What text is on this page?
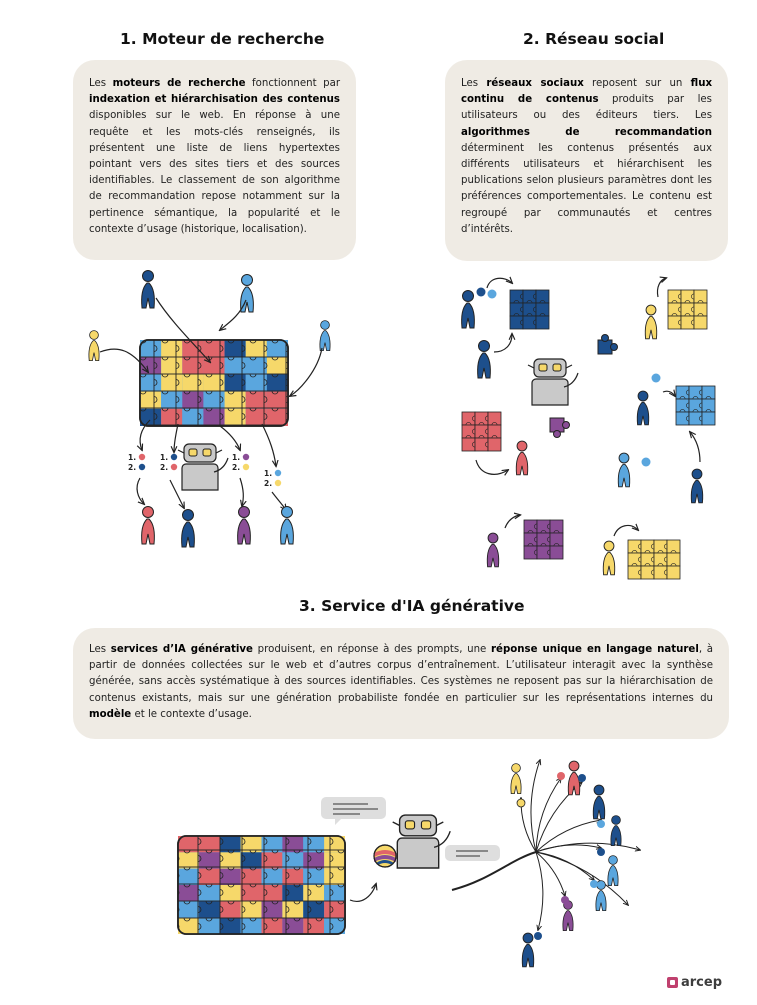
1. Moteur de recherche	2. Réseau social
3. Service d'IA générative

Les moteurs de recherche fonctionnent par indexation et hiérarchisation des contenus disponibles sur le web. En réponse à une requête et les mots-clés renseignés, ils présentent une liste de liens hypertextes pointant vers des sites tiers et des sources identifiables. Le classement de son algorithme de recommandation repose notamment sur la pertinence sémantique, la popularité et le contexte d’usage (historique, localisation).

Les réseaux sociaux reposent sur un flux continu de contenus produits par les utilisateurs ou des éditeurs tiers. Les algorithmes de recommandation déterminent les contenus présentés aux différents utilisateurs et hiérarchisent les publications selon plusieurs paramètres dont les préférences comportementales. Le contenu est regroupé par communautés et centres d’intérêts.

Les services d’IA générative produisent, en réponse à des prompts, une réponse unique en langage naturel, à partir de données collectées sur le web et d’autres corpus d’entraînement. L’utilisateur interagit avec la synthèse générée, sans accès systématique à des sources identifiables. Ces systèmes ne reposent pas sur la hiérarchisation de contenus existants, mais sur une génération probabiliste fondée en particulier sur les représentations internes du modèle et le contexte d’usage.

1.
2.
1.
2.
1.
2.
1.
2.
arcep
